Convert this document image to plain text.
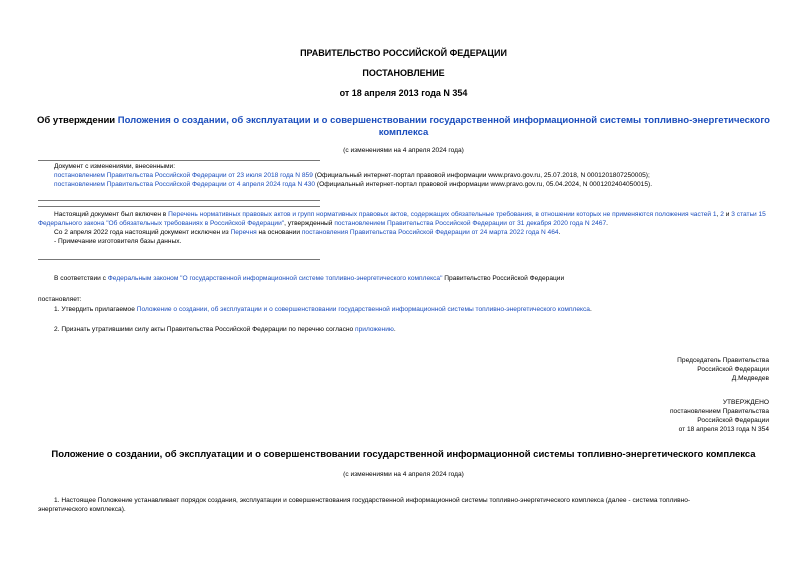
ПРАВИТЕЛЬСТВО РОССИЙСКОЙ ФЕДЕРАЦИИ
ПОСТАНОВЛЕНИЕ
от 18 апреля 2013 года N 354
Об утверждении Положения о создании, об эксплуатации и о совершенствовании государственной информационной системы топливно-энергетического
комплекса
(с изменениями на 4 апреля 2024 года)
Документ с изменениями, внесенными:
постановлением Правительства Российской Федерации от 23 июля 2018 года N 859 (Официальный интернет-портал правовой информации www.pravo.gov.ru, 25.07.2018, N 0001201807250005);
постановлением Правительства Российской Федерации от 4 апреля 2024 года N 430 (Официальный интернет-портал правовой информации www.pravo.gov.ru, 05.04.2024, N 0001202404050015).
Настоящий документ был включен в Перечень нормативных правовых актов и групп нормативных правовых актов, содержащих обязательные требования, в отношении которых не применяются положения частей 1, 2 и 3 статьи 15 Федерального закона "Об обязательных требованиях в Российской Федерации", утвержденный постановлением Правительства Российской Федерации от 31 декабря 2020 года N 2467.
Со 2 апреля 2022 года настоящий документ исключен из Перечня на основании постановления Правительства Российской Федерации от 24 марта 2022 года N 464.
- Примечание изготовителя базы данных.
В соответствии с Федеральным законом "О государственной информационной системе топливно-энергетического комплекса" Правительство Российской Федерации
постановляет:
1. Утвердить прилагаемое Положение о создании, об эксплуатации и о совершенствовании государственной информационной системы топливно-энергетического комплекса.
2. Признать утратившими силу акты Правительства Российской Федерации по перечню согласно приложению.
Председатель Правительства
Российской Федерации
Д.Медведев
УТВЕРЖДЕНО
постановлением Правительства
Российской Федерации
от 18 апреля 2013 года N 354
Положение о создании, об эксплуатации и о совершенствовании государственной информационной системы топливно-энергетического комплекса
(с изменениями на 4 апреля 2024 года)
1. Настоящее Положение устанавливает порядок создания, эксплуатации и совершенствования государственной информационной системы топливно-энергетического комплекса (далее - система топливно-
энергетического комплекса).
